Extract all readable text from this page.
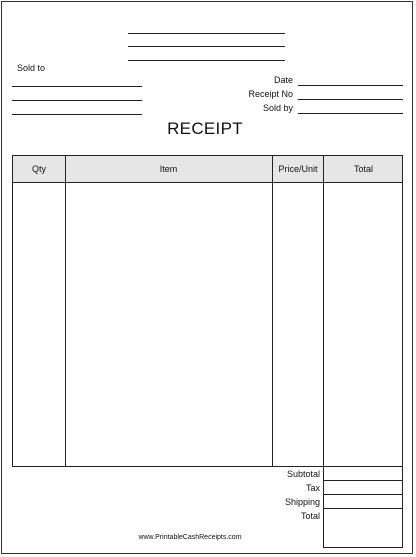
Sold to
Date
Receipt No
Sold by
RECEIPT
Qty	Item	Price/Unit	Total
Subtotal
Tax
Shipping
Total
www.PrintableCashReceipts.com
